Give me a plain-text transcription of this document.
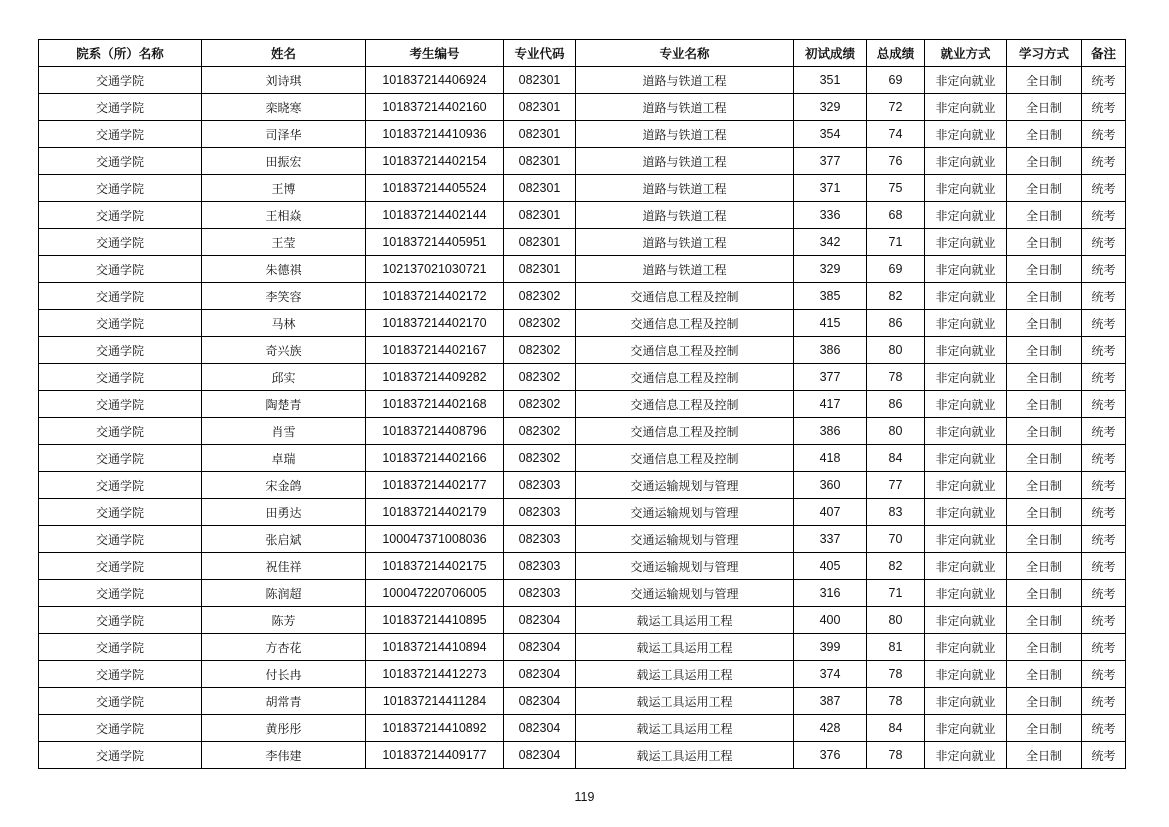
院系（所）名称	姓名	考生编号	专业代码	专业名称	初试成绩	总成绩	就业方式	学习方式	备注
交通学院	刘诗琪	101837214406924	082301	道路与铁道工程	351	69	非定向就业	全日制	统考
交通学院	栾晓寒	101837214402160	082301	道路与铁道工程	329	72	非定向就业	全日制	统考
交通学院	司泽华	101837214410936	082301	道路与铁道工程	354	74	非定向就业	全日制	统考
交通学院	田振宏	101837214402154	082301	道路与铁道工程	377	76	非定向就业	全日制	统考
交通学院	王博	101837214405524	082301	道路与铁道工程	371	75	非定向就业	全日制	统考
交通学院	王相焱	101837214402144	082301	道路与铁道工程	336	68	非定向就业	全日制	统考
交通学院	王莹	101837214405951	082301	道路与铁道工程	342	71	非定向就业	全日制	统考
交通学院	朱德祺	102137021030721	082301	道路与铁道工程	329	69	非定向就业	全日制	统考
交通学院	李笑容	101837214402172	082302	交通信息工程及控制	385	82	非定向就业	全日制	统考
交通学院	马林	101837214402170	082302	交通信息工程及控制	415	86	非定向就业	全日制	统考
交通学院	奇兴族	101837214402167	082302	交通信息工程及控制	386	80	非定向就业	全日制	统考
交通学院	邱实	101837214409282	082302	交通信息工程及控制	377	78	非定向就业	全日制	统考
交通学院	陶楚青	101837214402168	082302	交通信息工程及控制	417	86	非定向就业	全日制	统考
交通学院	肖雪	101837214408796	082302	交通信息工程及控制	386	80	非定向就业	全日制	统考
交通学院	卓瑞	101837214402166	082302	交通信息工程及控制	418	84	非定向就业	全日制	统考
交通学院	宋金鸽	101837214402177	082303	交通运输规划与管理	360	77	非定向就业	全日制	统考
交通学院	田勇达	101837214402179	082303	交通运输规划与管理	407	83	非定向就业	全日制	统考
交通学院	张启斌	100047371008036	082303	交通运输规划与管理	337	70	非定向就业	全日制	统考
交通学院	祝佳祥	101837214402175	082303	交通运输规划与管理	405	82	非定向就业	全日制	统考
交通学院	陈润超	100047220706005	082303	交通运输规划与管理	316	71	非定向就业	全日制	统考
交通学院	陈芳	101837214410895	082304	载运工具运用工程	400	80	非定向就业	全日制	统考
交通学院	方杏花	101837214410894	082304	载运工具运用工程	399	81	非定向就业	全日制	统考
交通学院	付长冉	101837214412273	082304	载运工具运用工程	374	78	非定向就业	全日制	统考
交通学院	胡常青	101837214411284	082304	载运工具运用工程	387	78	非定向就业	全日制	统考
交通学院	黄彤彤	101837214410892	082304	载运工具运用工程	428	84	非定向就业	全日制	统考
交通学院	李伟建	101837214409177	082304	载运工具运用工程	376	78	非定向就业	全日制	统考
119
